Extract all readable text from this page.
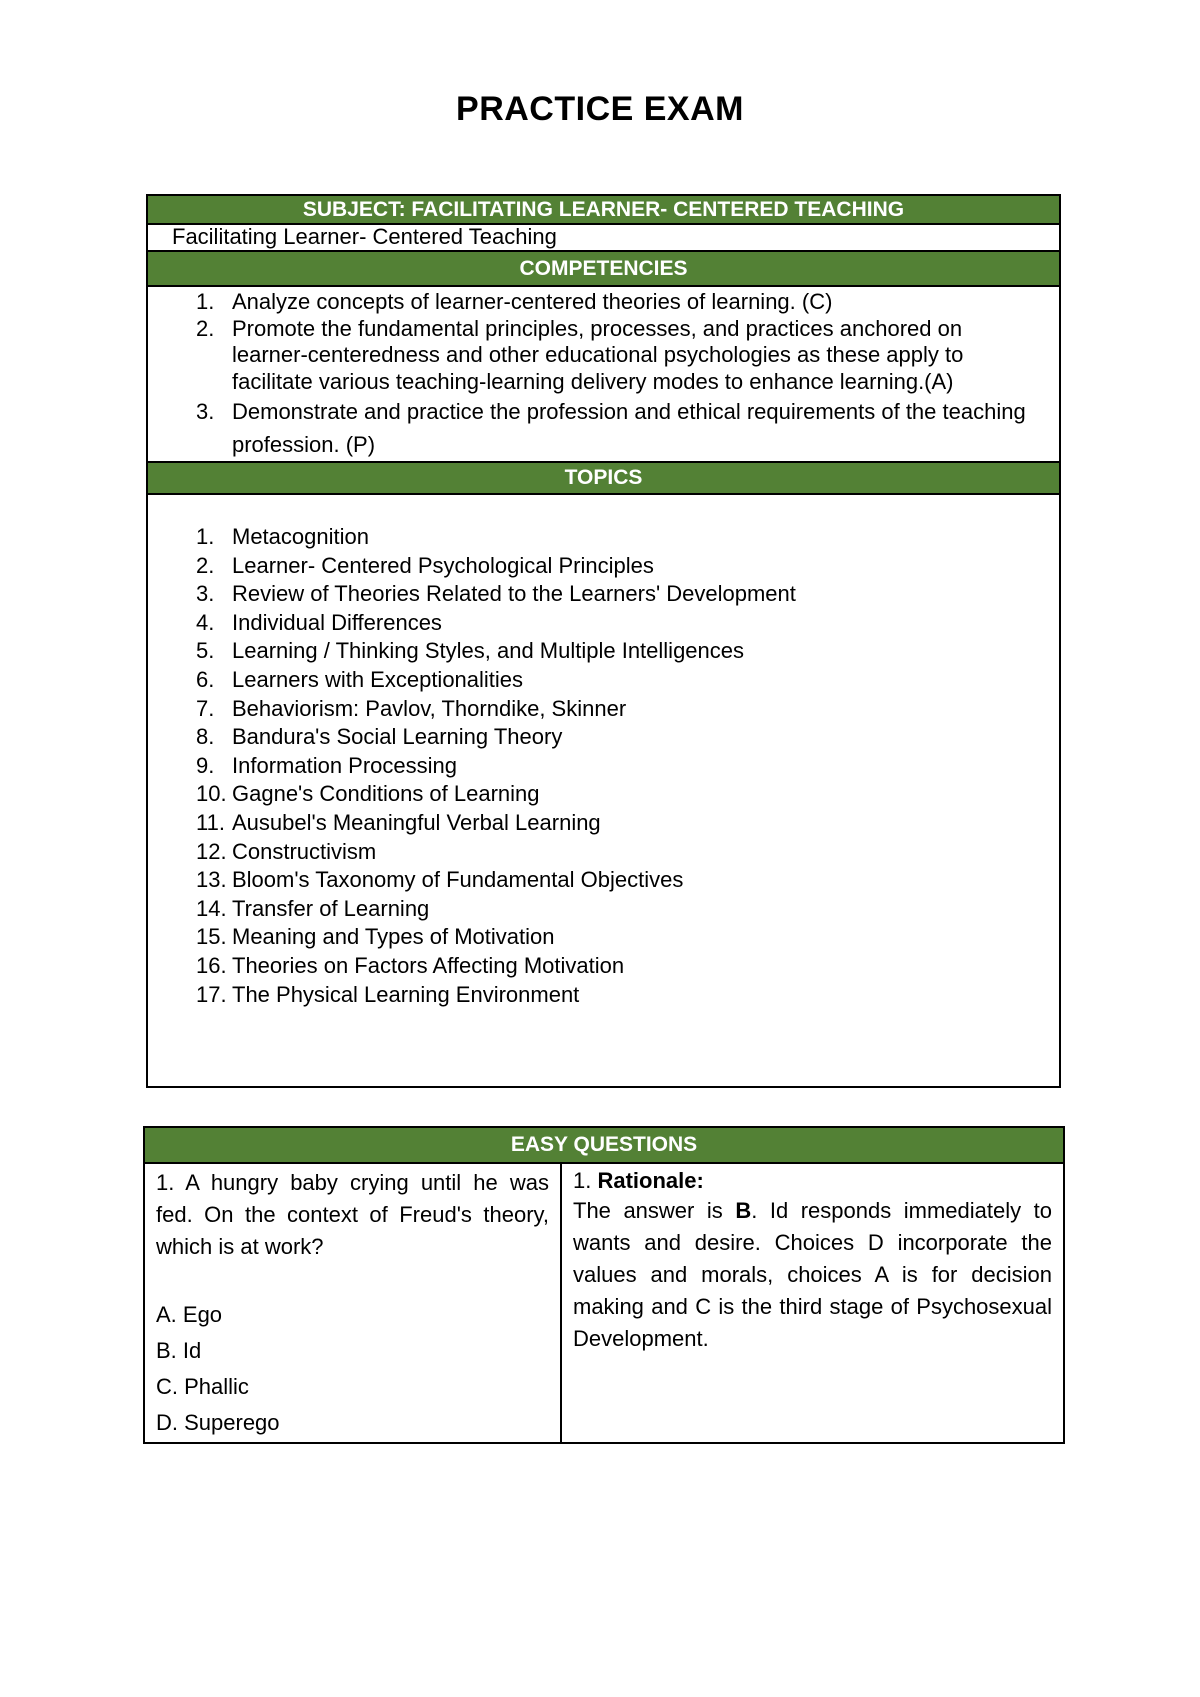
PRACTICE EXAM
SUBJECT: FACILITATING LEARNER- CENTERED TEACHING
Facilitating Learner- Centered Teaching
COMPETENCIES

1. Analyze concepts of learner-centered theories of learning. (C)
2. Promote the fundamental principles, processes, and practices anchored on learner-centeredness and other educational psychologies as these apply to facilitate various teaching-learning delivery modes to enhance learning.(A)
3. Demonstrate and practice the profession and ethical requirements of the teaching profession. (P)

TOPICS

1. Metacognition
2. Learner- Centered Psychological Principles
3. Review of Theories Related to the Learners' Development
4. Individual Differences
5. Learning / Thinking Styles, and Multiple Intelligences
6. Learners with Exceptionalities
7. Behaviorism: Pavlov, Thorndike, Skinner
8. Bandura's Social Learning Theory
9. Information Processing
10. Gagne's Conditions of Learning
11. Ausubel's Meaningful Verbal Learning
12. Constructivism
13. Bloom's Taxonomy of Fundamental Objectives
14. Transfer of Learning
15. Meaning and Types of Motivation
16. Theories on Factors Affecting Motivation
17. The Physical Learning Environment
EASY QUESTIONS

1. A hungry baby crying until he was fed. On the context of Freud's theory, which is at work?
A. Ego
B. Id
C. Phallic
D. Superego

1. Rationale:
The answer is B. Id responds immediately to wants and desire. Choices D incorporate the values and morals, choices A is for decision making and C is the third stage of Psychosexual Development.
